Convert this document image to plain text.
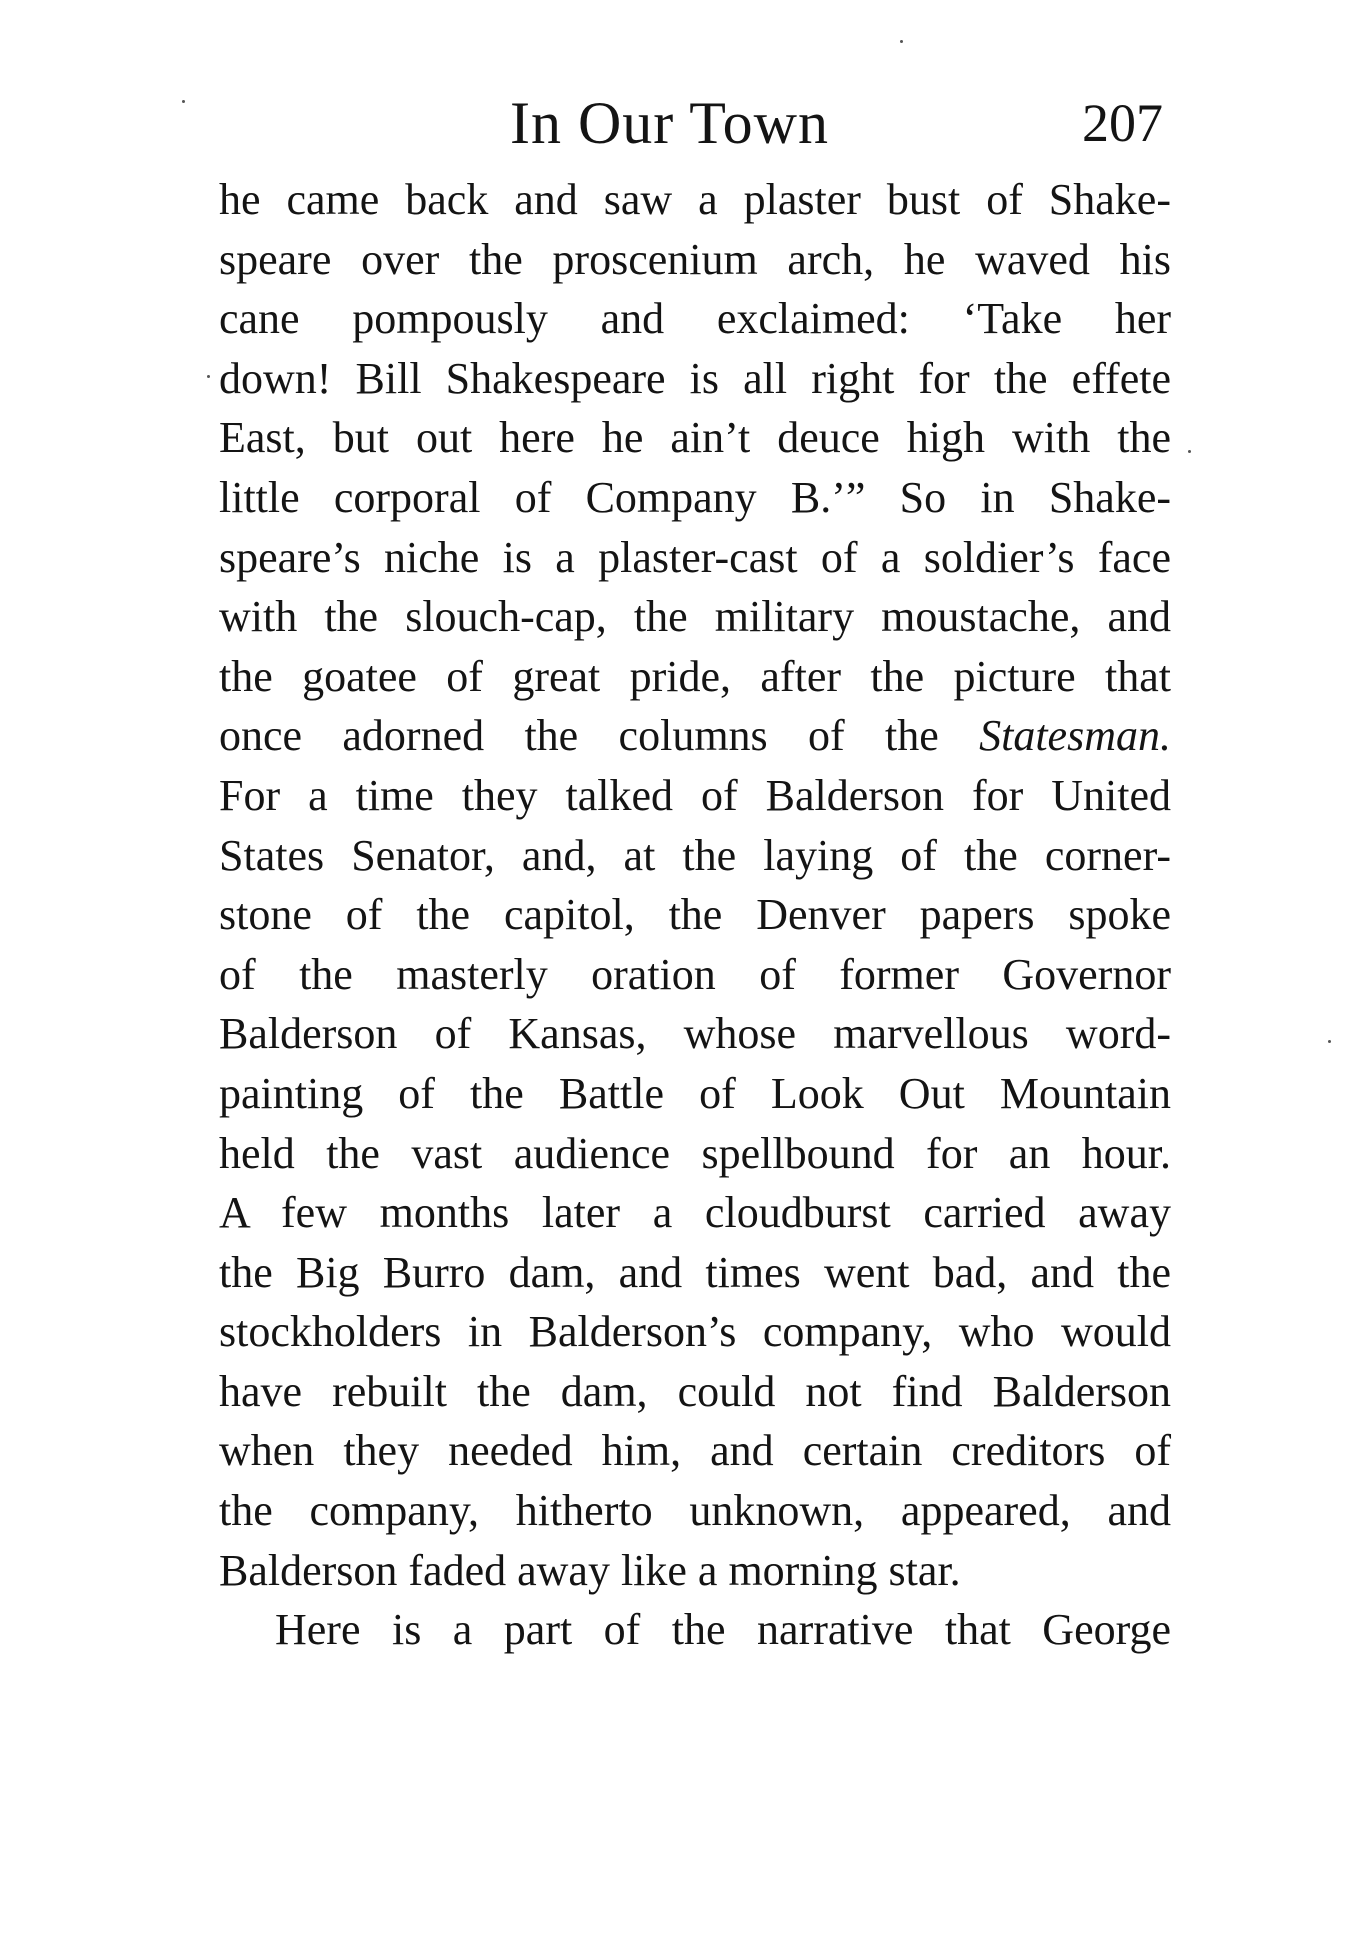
In Our Town	207
he came back and saw a plaster bust of Shake-
speare over the proscenium arch, he waved his
cane pompously and exclaimed: ‘Take her
down! Bill Shakespeare is all right for the effete
East, but out here he ain’t deuce high with the
little corporal of Company B.’” So in Shake-
speare’s niche is a plaster-cast of a soldier’s face
with the slouch-cap, the military moustache, and
the goatee of great pride, after the picture that
once adorned the columns of the Statesman.
For a time they talked of Balderson for United
States Senator, and, at the laying of the corner-
stone of the capitol, the Denver papers spoke
of the masterly oration of former Governor
Balderson of Kansas, whose marvellous word-
painting of the Battle of Look Out Mountain
held the vast audience spellbound for an hour.
A few months later a cloudburst carried away
the Big Burro dam, and times went bad, and the
stockholders in Balderson’s company, who would
have rebuilt the dam, could not find Balderson
when they needed him, and certain creditors of
the company, hitherto unknown, appeared, and
Balderson faded away like a morning star.
Here is a part of the narrative that George
